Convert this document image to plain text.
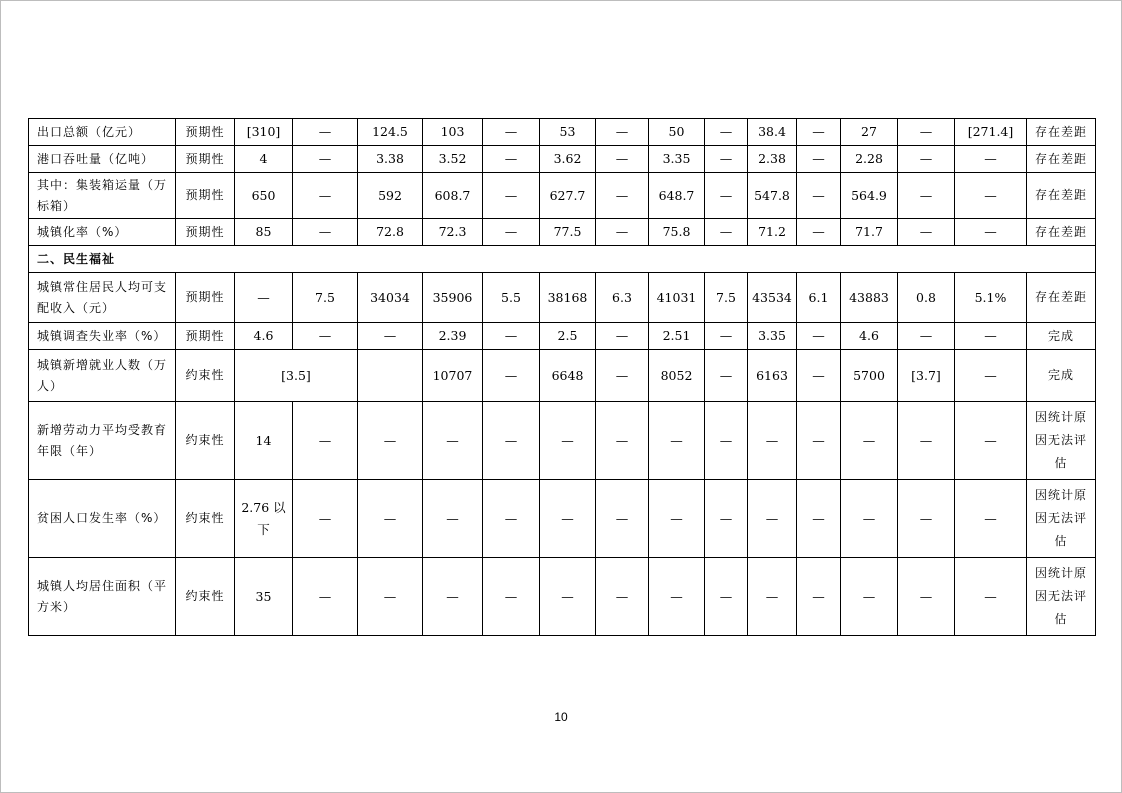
出口总额（亿元）	预期性	[310]	—	124.5	103	—	53	—	50	—	38.4	—	27	—	[271.4]	存在差距
港口吞吐量（亿吨）	预期性	4	—	3.38	3.52	—	3.62	—	3.35	—	2.38	—	2.28	—	—	存在差距
其中：集装箱运量（万标箱）	预期性	650	—	592	608.7	—	627.7	—	648.7	—	547.8	—	564.9	—	—	存在差距
城镇化率（%）	预期性	85	—	72.8	72.3	—	77.5	—	75.8	—	71.2	—	71.7	—	—	存在差距
二、民生福祉																
城镇常住居民人均可支配收入（元）	预期性	—	7.5	34034	35906	5.5	38168	6.3	41031	7.5	43534	6.1	43883	0.8	5.1%	存在差距
城镇调查失业率（%）	预期性	4.6	—	—	2.39	—	2.5	—	2.51	—	3.35	—	4.6	—	—	完成
城镇新增就业人数（万人）	约束性	[3.5]			10707	—	6648	—	8052	—	6163	—	5700	[3.7]	—	完成
新增劳动力平均受教育年限（年）	约束性	14	—	—	—	—	—	—	—	—	—	—	—	—	—	因统计原因无法评估
贫困人口发生率（%）	约束性	2.76 以下	—	—	—	—	—	—	—	—	—	—	—	—	—	因统计原因无法评估
城镇人均居住面积（平方米）	约束性	35	—	—	—	—	—	—	—	—	—	—	—	—	—	因统计原因无法评估
10
